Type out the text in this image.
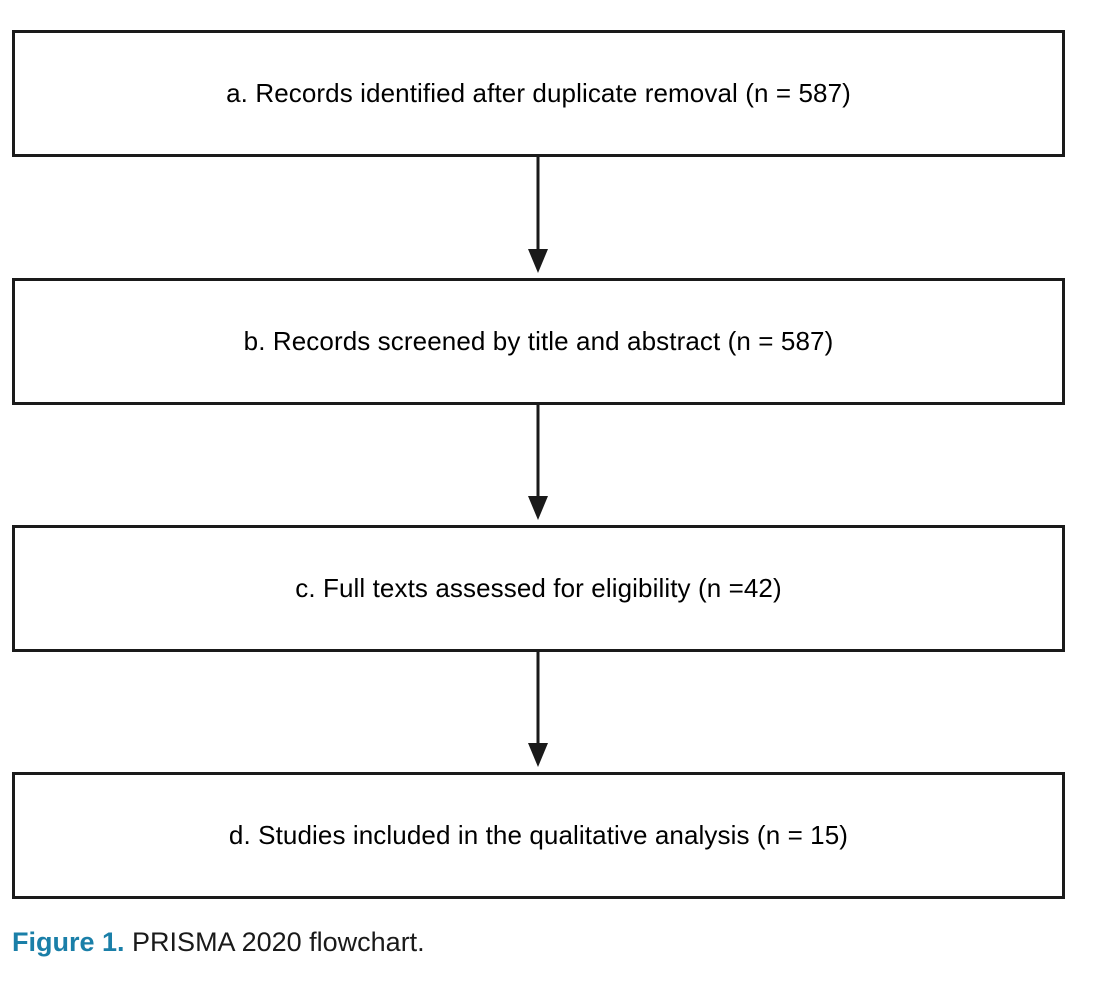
a. Records identified after duplicate removal (n = 587)
b. Records screened by title and abstract (n = 587)
c. Full texts assessed for eligibility (n =42)
d. Studies included in the qualitative analysis (n = 15)
Figure 1. PRISMA 2020 flowchart.
